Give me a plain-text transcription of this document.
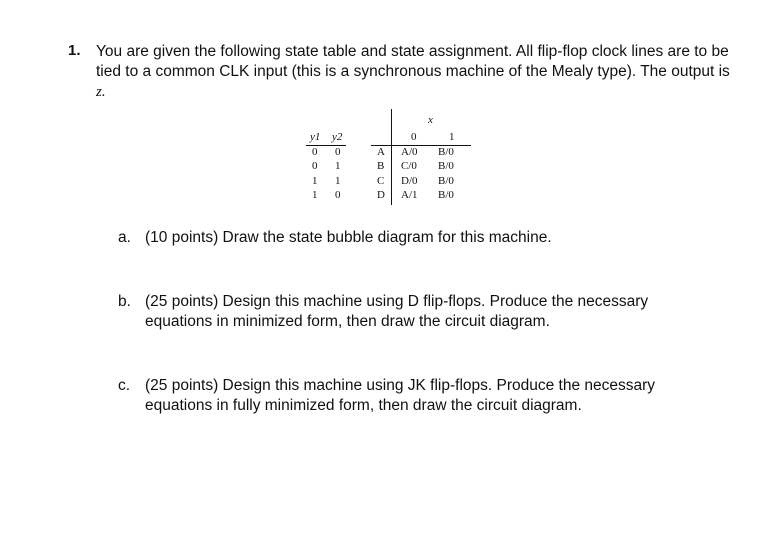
1. You are given the following state table and state assignment. All flip-flop clock lines are to be tied to a common CLK input (this is a synchronous machine of the Mealy type). The output is z.
y1 y2
0 0
0 1
1 1
1 0
x
0	1
A A/0 B/0
B C/0 B/0
C D/0 B/0
D A/1 B/0
a. (10 points) Draw the state bubble diagram for this machine.
b. (25 points) Design this machine using D flip-flops. Produce the necessary equations in minimized form, then draw the circuit diagram.
c. (25 points) Design this machine using JK flip-flops. Produce the necessary equations in fully minimized form, then draw the circuit diagram.
